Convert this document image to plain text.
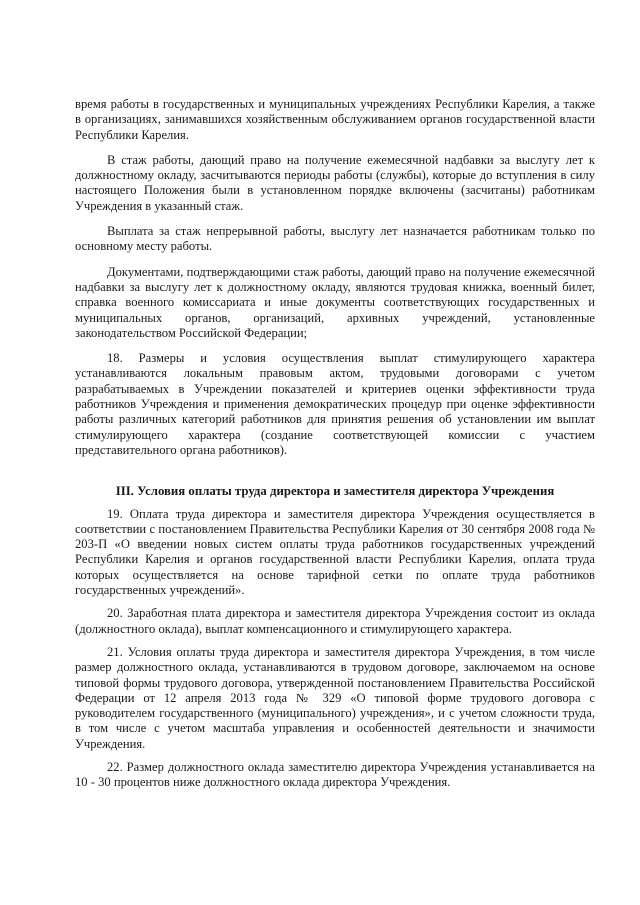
время работы в государственных и муниципальных учреждениях Республики Карелия, а также в организациях, занимавшихся хозяйственным обслуживанием органов государственной власти Республики Карелия.

В стаж работы, дающий право на получение ежемесячной надбавки за выслугу лет к должностному окладу, засчитываются периоды работы (службы), которые до вступления в силу настоящего Положения были в установленном порядке включены (засчитаны) работникам Учреждения в указанный стаж.

Выплата за стаж непрерывной работы, выслугу лет назначается работникам только по основному месту работы.

Документами, подтверждающими стаж работы, дающий право на получение ежемесячной надбавки за выслугу лет к должностному окладу, являются трудовая книжка, военный билет, справка военного комиссариата и иные документы соответствующих государственных и муниципальных органов, организаций, архивных учреждений, установленные законодательством Российской Федерации;

18. Размеры и условия осуществления выплат стимулирующего характера устанавливаются локальным правовым актом, трудовыми договорами с учетом разрабатываемых в Учреждении показателей и критериев оценки эффективности труда работников Учреждения и применения демократических процедур при оценке эффективности работы различных категорий работников для принятия решения об установлении им выплат стимулирующего характера (создание соответствующей комиссии с участием представительного органа работников).

III. Условия оплаты труда директора и заместителя директора Учреждения

19. Оплата труда директора и заместителя директора Учреждения осуществляется в соответствии с постановлением Правительства Республики Карелия от 30 сентября 2008 года № 203-П «О введении новых систем оплаты труда работников государственных учреждений Республики Карелия и органов государственной власти Республики Карелия, оплата труда которых осуществляется на основе тарифной сетки по оплате труда работников государственных учреждений».

20. Заработная плата директора и заместителя директора Учреждения состоит из оклада (должностного оклада), выплат компенсационного и стимулирующего характера.

21. Условия оплаты труда директора и заместителя директора Учреждения, в том числе размер должностного оклада, устанавливаются в трудовом договоре, заключаемом на основе типовой формы трудового договора, утвержденной постановлением Правительства Российской Федерации от 12 апреля 2013 года № 329 «О типовой форме трудового договора с руководителем государственного (муниципального) учреждения», и с учетом сложности труда, в том числе с учетом масштаба управления и особенностей деятельности и значимости Учреждения.

22. Размер должностного оклада заместителю директора Учреждения устанавливается на 10 - 30 процентов ниже должностного оклада директора Учреждения.
